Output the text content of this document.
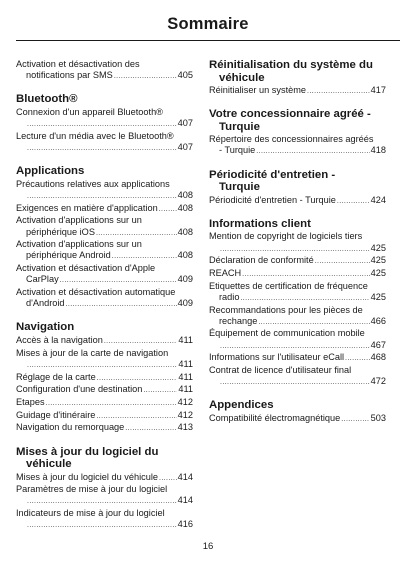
Sommaire
Activation et désactivation des
notifications par SMS .....	405
Bluetooth®
Connexion d'un appareil Bluetooth®
.....
407
Lecture d'un média avec le Bluetooth®
.....
407
Applications
Précautions relatives aux applications
.....
408
Exigences en matière d'application ..... 408
Activation d'applications sur un
périphérique iOS .....	408
Activation d'applications sur un
périphérique Android .....	408
Activation et désactivation d'Apple
CarPlay .....	409
Activation et désactivation automatique
d'Android .....	409
Navigation
Accès à la navigation .....	411
Mises à jour de la carte de navigation
.....
411
Réglage de la carte .....	411
Configuration d'une destination .....	411
Etapes .....	412
Guidage d'itinéraire .....	412
Navigation du remorquage .....	413
Mises à jour du logiciel du
véhicule
Mises à jour du logiciel du véhicule ..... 414
Paramètres de mise à jour du logiciel
.....
414
Indicateurs de mise à jour du logiciel
.....
416
Réinitialisation du système du
véhicule
Réinitialiser un système .....	417
Votre concessionnaire agréé -
Turquie
Répertoire des concessionnaires agréés
- Turquie .....	418
Périodicité d'entretien -
Turquie
Périodicité d'entretien - Turquie .....	424
Informations client
Mention de copyright de logiciels tiers
.....
425
Déclaration de conformité .....	425
REACH .....	425
Etiquettes de certification de fréquence
radio .....	425
Recommandations pour les pièces de
rechange .....	466
Équipement de communication mobile
.....
467
Informations sur l'utilisateur eCall .....	468
Contrat de licence d'utilisateur final
.....
472
Appendices
Compatibilité électromagnétique .....	503
16
